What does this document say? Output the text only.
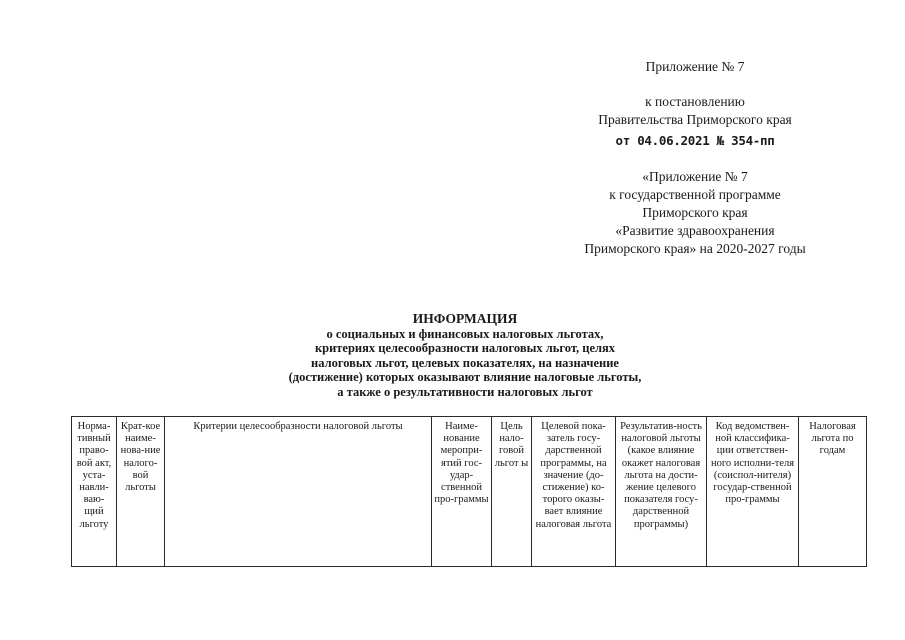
Приложение № 7
к постановлению
Правительства Приморского края
от 04.06.2021 № 354-пп
«Приложение № 7
к государственной программе
Приморского края
«Развитие здравоохранения
Приморского края» на 2020-2027 годы
ИНФОРМАЦИЯ
о социальных и финансовых налоговых льготах,
критериях целесообразности налоговых льгот, целях
налоговых льгот, целевых показателях, на назначение
(достижение) которых оказывают влияние налоговые льготы,
а также о результативности налоговых льгот
Норма-тивный право-вой акт, уста-навли-ваю-щий льготу	Крат-кое наиме-нова-ние налого-вой льготы	Критерии целесообразности налоговой льготы	Наиме-нование меропри-ятий гос-удар-ственной про-граммы	Цель нало-говой льгот ы	Целевой пока-затель госу-дарственной программы, на значение (до-стижение) ко-торого оказы-вает влияние налоговая льгота	Результатив-ность налоговой льготы (какое влияние окажет налоговая льгота на дости-жение целевого показателя госу-дарственной программы)	Код ведомствен-ной классифика-ции ответствен-ного исполни-теля (соиспол-нителя) государ-ственной про-граммы	Налоговая льгота по годам
